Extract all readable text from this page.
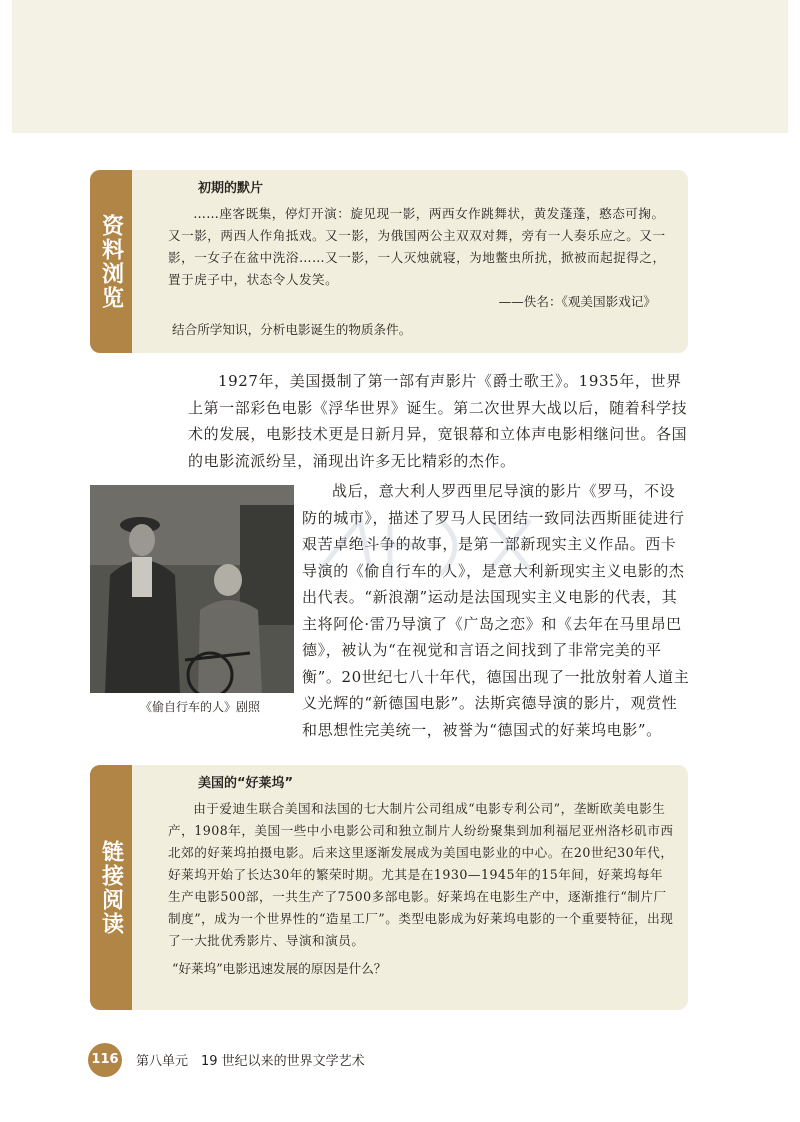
资料浏览
初期的默片

……座客既集，停灯开演：旋见现一影，两西女作跳舞状，黄发蓬蓬，憨态可掬。又一影，两西人作角抵戏。又一影，为俄国两公主双双对舞，旁有一人奏乐应之。又一影，一女子在盆中洗浴……又一影，一人灭烛就寝，为地鳖虫所扰，掀被而起捉得之，置于虎子中，状态令人发笑。

——佚名：《观美国影戏记》

结合所学知识，分析电影诞生的物质条件。

1927年，美国摄制了第一部有声影片《爵士歌王》。1935年，世界上第一部彩色电影《浮华世界》诞生。第二次世界大战以后，随着科学技术的发展，电影技术更是日新月异，宽银幕和立体声电影相继问世。各国的电影流派纷呈，涌现出许多无比精彩的杰作。

《偷自行车的人》剧照

战后，意大利人罗西里尼导演的影片《罗马，不设防的城市》，描述了罗马人民团结一致同法西斯匪徒进行艰苦卓绝斗争的故事，是第一部新现实主义作品。西卡导演的《偷自行车的人》，是意大利新现实主义电影的杰出代表。“新浪潮”运动是法国现实主义电影的代表，其主将阿伦·雷乃导演了《广岛之恋》和《去年在马里昂巴德》，被认为“在视觉和言语之间找到了非常完美的平衡”。20世纪七八十年代，德国出现了一批放射着人道主义光辉的“新德国电影”。法斯宾德导演的影片，观赏性和思想性完美统一，被誉为“德国式的好莱坞电影”。

链接阅读
美国的“好莱坞”

由于爱迪生联合美国和法国的七大制片公司组成“电影专利公司”，垄断欧美电影生产，1908年，美国一些中小电影公司和独立制片人纷纷聚集到加利福尼亚州洛杉矶市西北郊的好莱坞拍摄电影。后来这里逐渐发展成为美国电影业的中心。在20世纪30年代，好莱坞开始了长达30年的繁荣时期。尤其是在1930—1945年的15年间，好莱坞每年生产电影500部，一共生产了7500多部电影。好莱坞在电影生产中，逐渐推行“制片厂制度”，成为一个世界性的“造星工厂”。类型电影成为好莱坞电影的一个重要特征，出现了一大批优秀影片、导演和演员。

“好莱坞”电影迅速发展的原因是什么？

116 第八单元　19 世纪以来的世界文学艺术
